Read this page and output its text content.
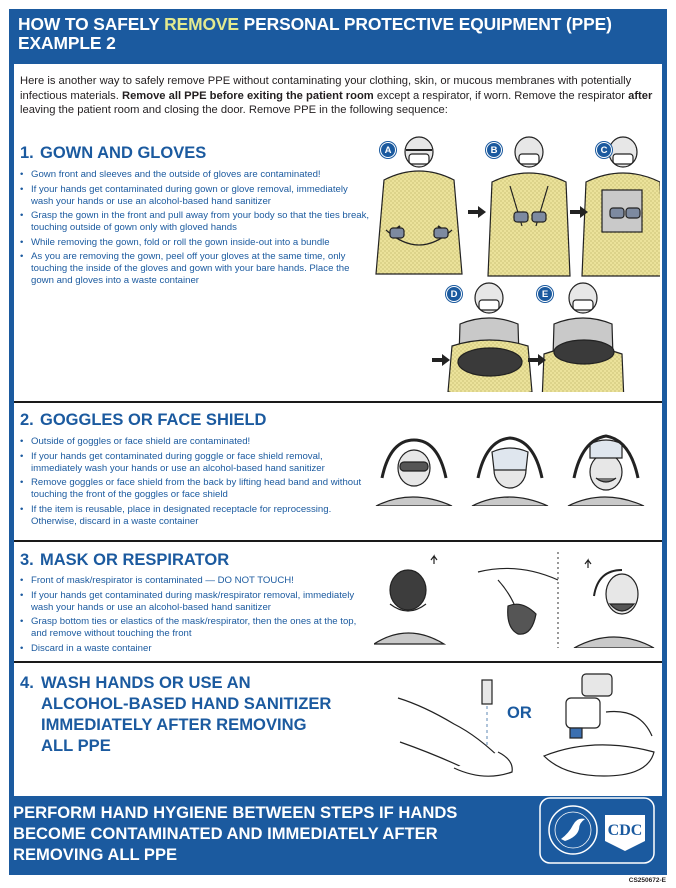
HOW TO SAFELY REMOVE PERSONAL PROTECTIVE EQUIPMENT (PPE)
EXAMPLE 2

Here is another way to safely remove PPE without contaminating your clothing, skin, or mucous membranes with potentially infectious materials. Remove all PPE before exiting the patient room except a respirator, if worn. Remove the respirator after leaving the patient room and closing the door. Remove PPE in the following sequence:

1. GOWN AND GLOVES
• Gown front and sleeves and the outside of gloves are contaminated!
• If your hands get contaminated during gown or glove removal, immediately wash your hands or use an alcohol-based hand sanitizer
• Grasp the gown in the front and pull away from your body so that the ties break, touching outside of gown only with gloved hands
• While removing the gown, fold or roll the gown inside-out into a bundle
• As you are removing the gown, peel off your gloves at the same time, only touching the inside of the gloves and gown with your bare hands. Place the gown and gloves into a waste container
A	B	C
D	E
2. GOGGLES OR FACE SHIELD
• Outside of goggles or face shield are contaminated!
• If your hands get contaminated during goggle or face shield removal, immediately wash your hands or use an alcohol-based hand sanitizer
• Remove goggles or face shield from the back by lifting head band and without touching the front of the goggles or face shield
• If the item is reusable, place in designated receptacle for reprocessing. Otherwise, discard in a waste container
3. MASK OR RESPIRATOR
• Front of mask/respirator is contaminated — DO NOT TOUCH!
• If your hands get contaminated during mask/respirator removal, immediately wash your hands or use an alcohol-based hand sanitizer
• Grasp bottom ties or elastics of the mask/respirator, then the ones at the top, and remove without touching the front
• Discard in a waste container
4. WASH HANDS OR USE AN
ALCOHOL-BASED HAND SANITIZER
IMMEDIATELY AFTER REMOVING
ALL PPE
OR
PERFORM HAND HYGIENE BETWEEN STEPS IF HANDS
BECOME CONTAMINATED AND IMMEDIATELY AFTER
REMOVING ALL PPE
CDC
CS250672-E
